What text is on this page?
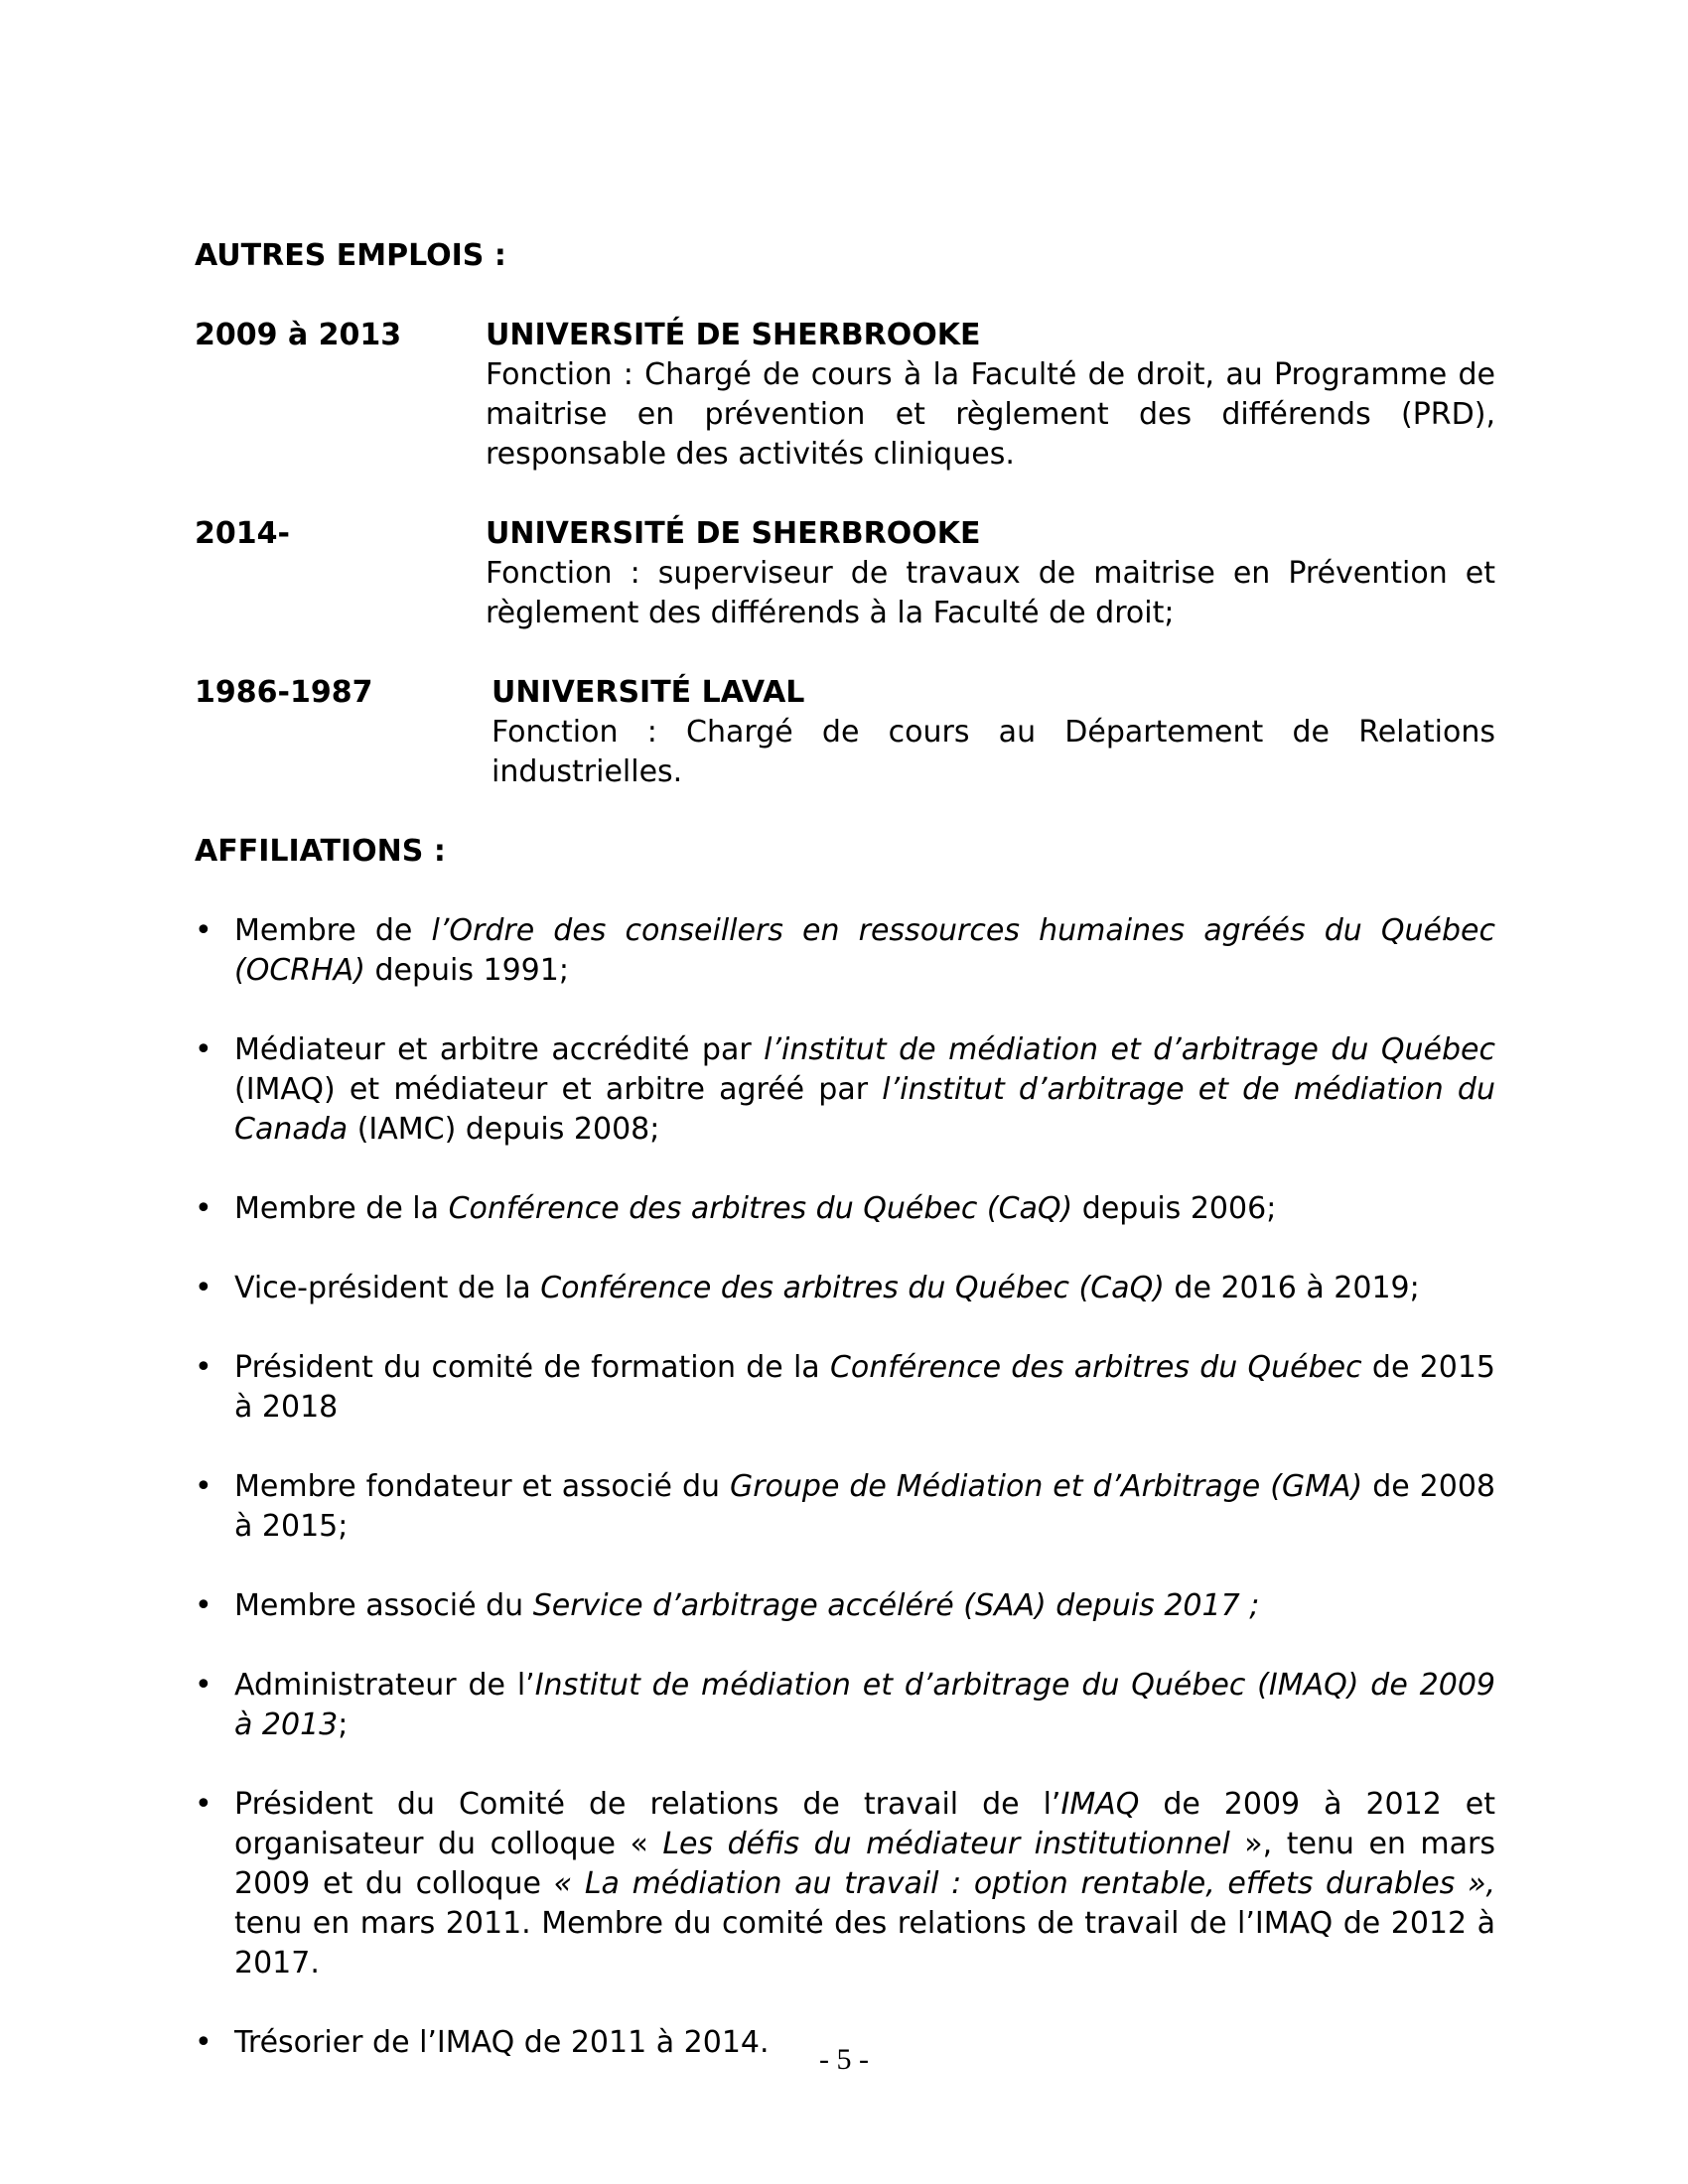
AUTRES EMPLOIS :
2009 à 2013	UNIVERSITÉ DE SHERBROOKE
Fonction : Chargé de cours à la Faculté de droit, au Programme de maitrise en prévention et règlement des différends (PRD), responsable des activités cliniques.
2014-	UNIVERSITÉ DE SHERBROOKE
Fonction : superviseur de travaux de maitrise en Prévention et règlement des différends à la Faculté de droit;
1986-1987	UNIVERSITÉ LAVAL
Fonction : Chargé de cours au Département de Relations industrielles.
AFFILIATIONS :
• Membre de l’Ordre des conseillers en ressources humaines agréés du Québec (OCRHA) depuis 1991;
• Médiateur et arbitre accrédité par l’institut de médiation et d’arbitrage du Québec (IMAQ) et médiateur et arbitre agréé par l’institut d’arbitrage et de médiation du Canada (IAMC) depuis 2008;
• Membre de la Conférence des arbitres du Québec (CaQ) depuis 2006;
• Vice-président de la Conférence des arbitres du Québec (CaQ) de 2016 à 2019;
• Président du comité de formation de la Conférence des arbitres du Québec de 2015 à 2018
• Membre fondateur et associé du Groupe de Médiation et d’Arbitrage (GMA) de 2008 à 2015;
• Membre associé du Service d’arbitrage accéléré (SAA) depuis 2017 ;
• Administrateur de l’Institut de médiation et d’arbitrage du Québec (IMAQ) de 2009 à 2013;
• Président du Comité de relations de travail de l’IMAQ de 2009 à 2012 et organisateur du colloque « Les défis du médiateur institutionnel », tenu en mars 2009 et du colloque « La médiation au travail : option rentable, effets durables », tenu en mars 2011. Membre du comité des relations de travail de l’IMAQ de 2012 à 2017.
• Trésorier de l’IMAQ de 2011 à 2014.	- 5 -
